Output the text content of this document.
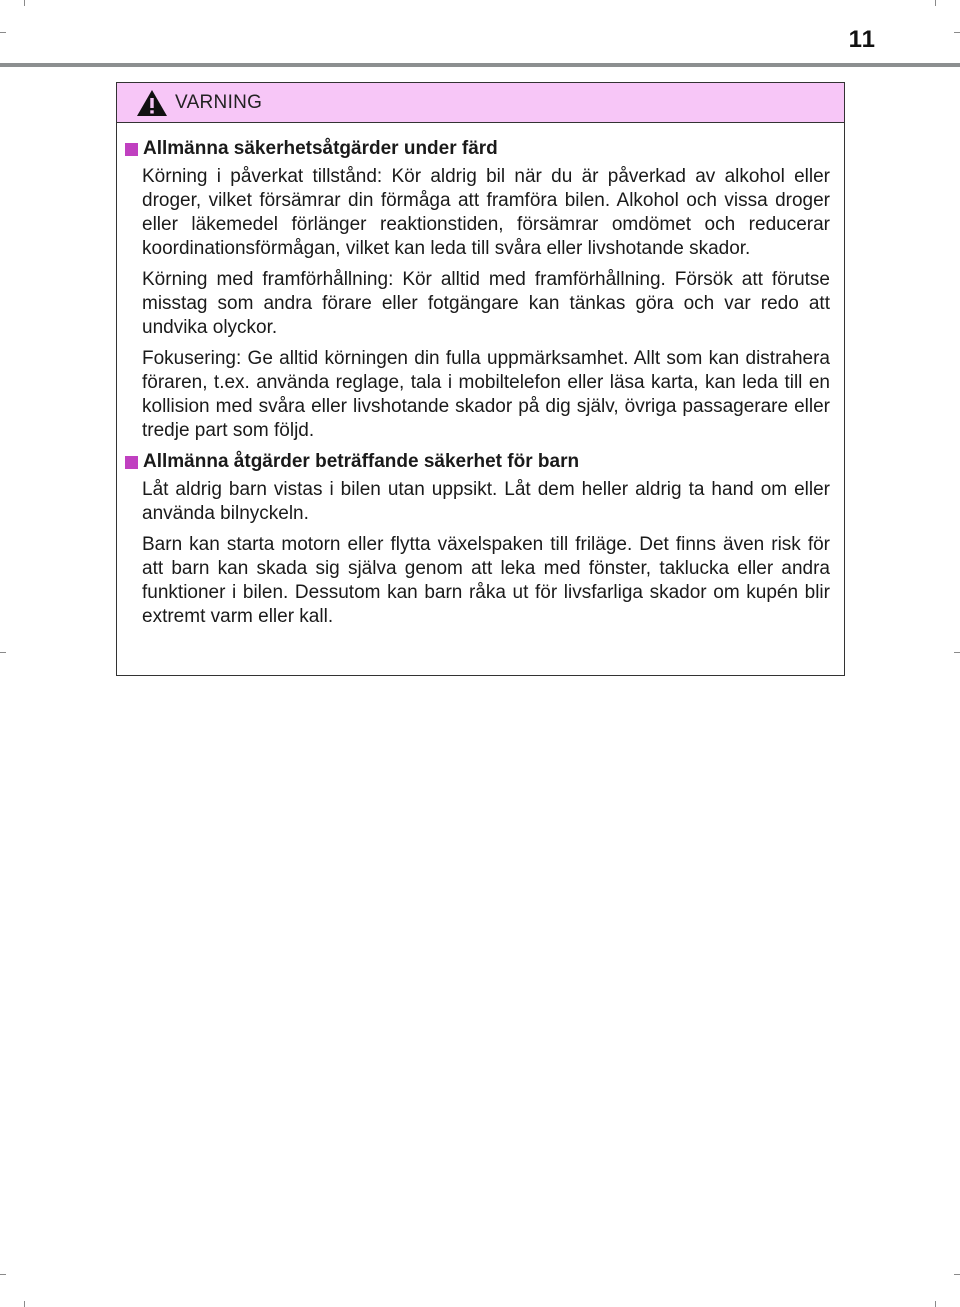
11
VARNING
Allmänna säkerhetsåtgärder under färd

Körning i påverkat tillstånd: Kör aldrig bil när du är påverkad av alkohol eller droger, vilket försämrar din förmåga att framföra bilen. Alkohol och vissa droger eller läkemedel förlänger reaktionstiden, försämrar omdömet och reducerar koordinationsförmågan, vilket kan leda till svåra eller livshotande skador.

Körning med framförhållning: Kör alltid med framförhållning. Försök att förutse misstag som andra förare eller fotgängare kan tänkas göra och var redo att undvika olyckor.

Fokusering: Ge alltid körningen din fulla uppmärksamhet. Allt som kan distrahera föraren, t.ex. använda reglage, tala i mobiltelefon eller läsa karta, kan leda till en kollision med svåra eller livshotande skador på dig själv, övriga passagerare eller tredje part som följd.

Allmänna åtgärder beträffande säkerhet för barn

Låt aldrig barn vistas i bilen utan uppsikt. Låt dem heller aldrig ta hand om eller använda bilnyckeln.

Barn kan starta motorn eller flytta växelspaken till friläge. Det finns även risk för att barn kan skada sig själva genom att leka med fönster, taklucka eller andra funktioner i bilen. Dessutom kan barn råka ut för livsfarliga skador om kupén blir extremt varm eller kall.
